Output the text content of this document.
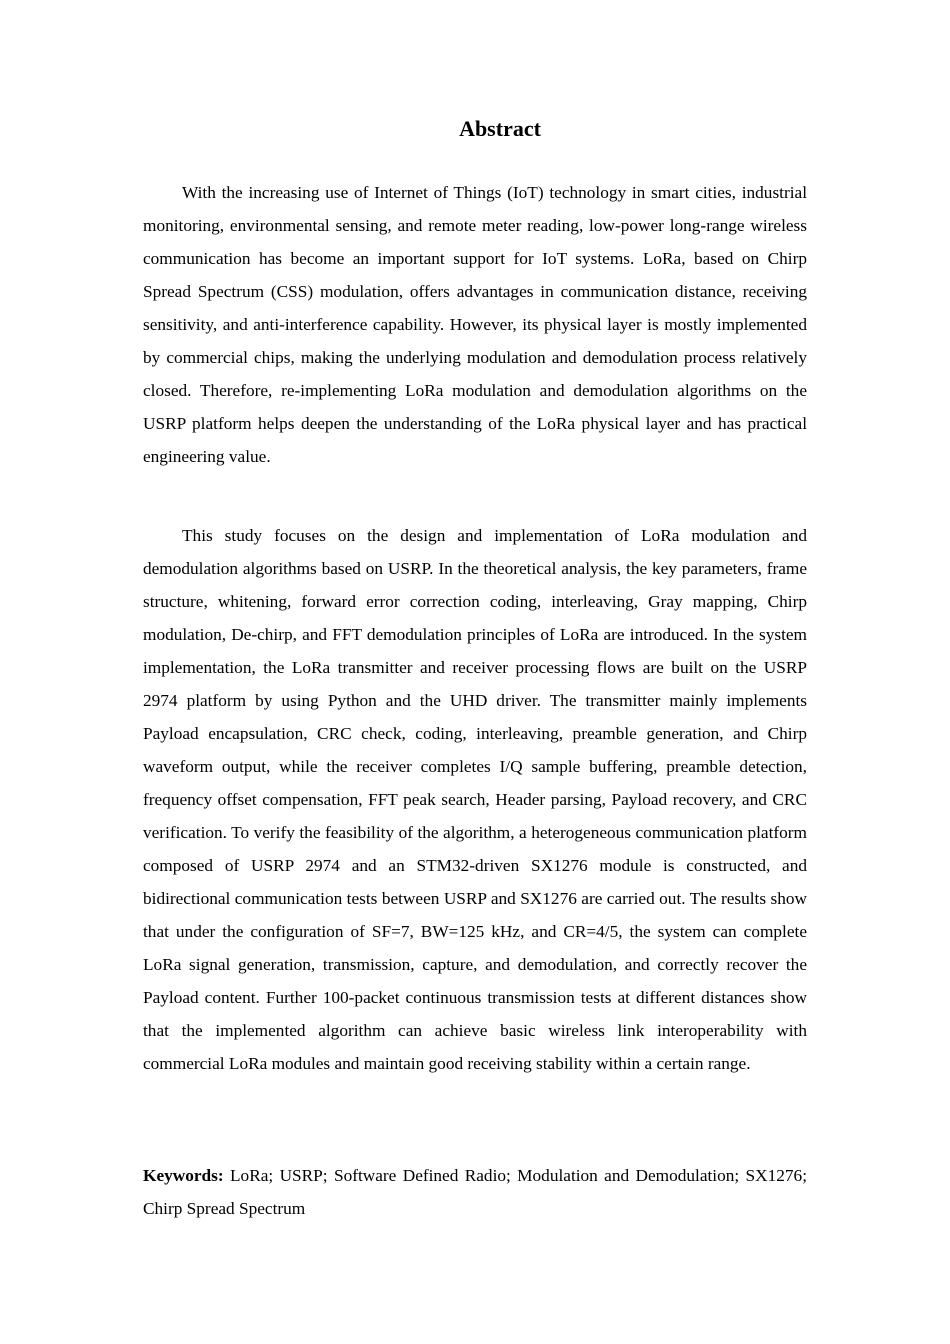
Abstract

With the increasing use of Internet of Things (IoT) technology in smart cities, industrial monitoring, environmental sensing, and remote meter reading, low-power long-range wireless communication has become an important support for IoT systems. LoRa, based on Chirp Spread Spectrum (CSS) modulation, offers advantages in communication distance, receiving sensitivity, and anti-interference capability. However, its physical layer is mostly implemented by commercial chips, making the underlying modulation and demodulation process relatively closed. Therefore, re-implementing LoRa modulation and demodulation algorithms on the USRP platform helps deepen the understanding of the LoRa physical layer and has practical engineering value.

This study focuses on the design and implementation of LoRa modulation and demodulation algorithms based on USRP. In the theoretical analysis, the key parameters, frame structure, whitening, forward error correction coding, interleaving, Gray mapping, Chirp modulation, De-chirp, and FFT demodulation principles of LoRa are introduced. In the system implementation, the LoRa transmitter and receiver processing flows are built on the USRP 2974 platform by using Python and the UHD driver. The transmitter mainly implements Payload encapsulation, CRC check, coding, interleaving, preamble generation, and Chirp waveform output, while the receiver completes I/Q sample buffering, preamble detection, frequency offset compensation, FFT peak search, Header parsing, Payload recovery, and CRC verification. To verify the feasibility of the algorithm, a heterogeneous communication platform composed of USRP 2974 and an STM32-driven SX1276 module is constructed, and bidirectional communication tests between USRP and SX1276 are carried out. The results show that under the configuration of SF=7, BW=125 kHz, and CR=4/5, the system can complete LoRa signal generation, transmission, capture, and demodulation, and correctly recover the Payload content. Further 100-packet continuous transmission tests at different distances show that the implemented algorithm can achieve basic wireless link interoperability with commercial LoRa modules and maintain good receiving stability within a certain range.

Keywords: LoRa; USRP; Software Defined Radio; Modulation and Demodulation; SX1276; Chirp Spread Spectrum
